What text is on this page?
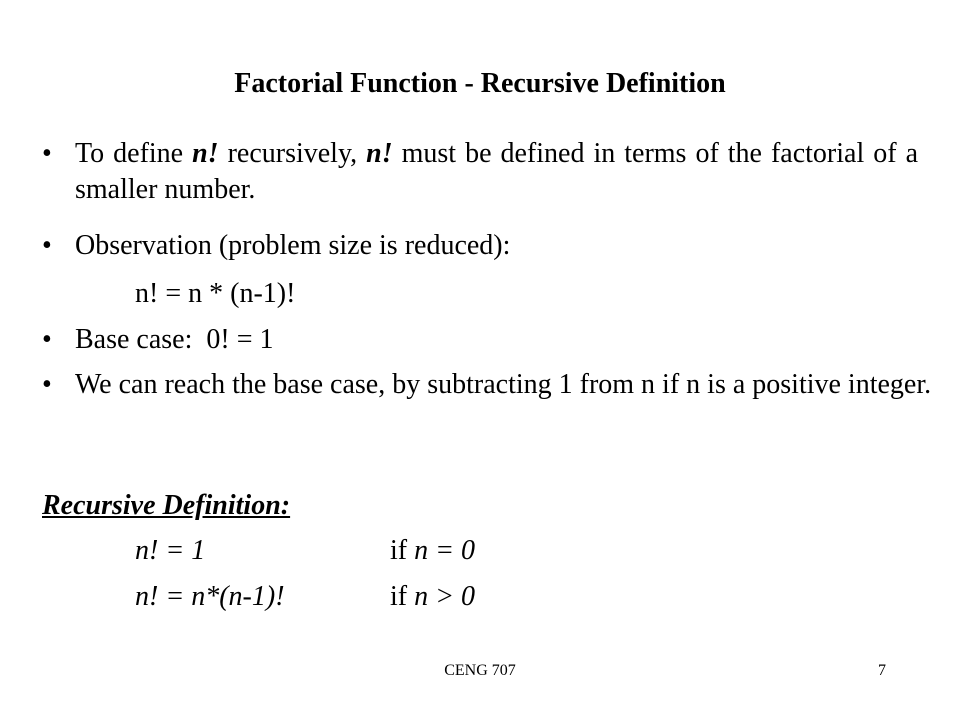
Factorial Function - Recursive Definition
• To define n! recursively, n! must be defined in terms of the factorial of a smaller number.
• Observation (problem size is reduced):
n! = n * (n-1)!
• Base case: 0! = 1
• We can reach the base case, by subtracting 1 from n if n is a positive integer.
Recursive Definition:
n! = 1	if n = 0
n! = n*(n-1)!	if n > 0
CENG 707	7
